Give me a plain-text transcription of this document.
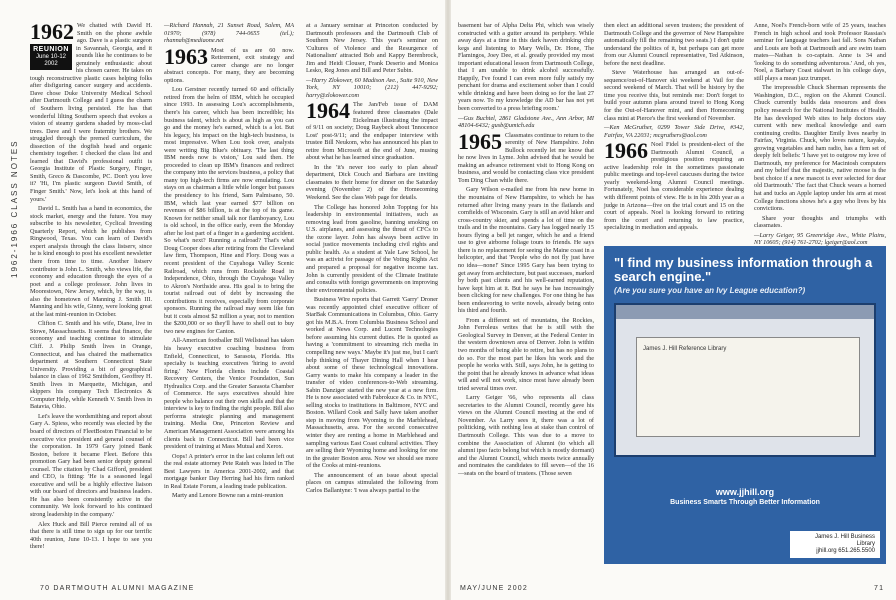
1962-1966 CLASS NOTES
1962
REUNION
June 10-12
2002

We chatted with David H. Smith on the phone awhile ago. Dave is a plastic surgeon in Savannah, Georgia, and it sounds like he continues to be genuinely enthusiastic about his chosen career. He takes on tough reconstructive plastic cases helping folks after disfiguring cancer surgery and accidents. Dave chose Duke University Medical School after Dartmouth College and I guess the charm of Southern living persisted. He has that wonderful lilting Southern speech that evokes a vision of steamy gardens shaded by moss-clad trees. Dave and I were fraternity brothers. We struggled through the premed curriculum, the dissection of the dogfish head and organic chemistry together. I checked the class list and learned that David's professional outfit is Georgia Institute of Plastic Surgery, Finger, Smith, Greco & Dascombe, PC. Don't you love it? 'Hi, I'm plastic surgeon David Smith, of Finger Smith.' Now, let's look at this hand of yours.'

David L. Smith has a hand in economics, the stock market, energy and the future. You may subscribe to his newsletter, Cyclical Investing Quarterly Report, which he publishes from Ringwood, Texas. You can learn of David's expert analysis through the class listserv, since he is kind enough to post his excellent newsletter there from time to time. Another listserv contributor is John L. Smith, who views life, the economy and education through the eyes of a poet and a college professor. John lives in Moorestown, New Jersey, which, by the way, is also the hometown of Manning J. Smith III. Manning and his wife, Ginny, were looking great at the last mini-reunion in October.

Clifton C. Smith and his wife, Diane, live in Stowe, Massachusetts. It seems that finance, the economy and teaching continue to stimulate Cliff. J. Philip Smith lives in Orange, Connecticut, and has chaired the mathematics department at Southern Connecticut State University. Providing a bit of geographical balance in class of 1962 Smithdom, Geoffrey H. Smith lives in Marquette, Michigan, and skippers his company Tech Electronics & Computer Help, while Kenneth V. Smith lives in Batavia, Ohio.

Let's leave the wordsmithing and report about Gary A. Spiess, who recently was elected by the board of directors of FleetBoston Financial to be executive vice president and general counsel of the corporation. In 1979 Gary joined Bank Boston, before it became Fleet. Before this promotion Gary had been senior deputy general counsel. The citation by Chad Gifford, president and CEO, is fitting: 'He is a seasoned legal executive and will be a highly effective liaison with our board of directors and business leaders. He has also been consistently active in the community. We look forward to his continued strong leadership in the company.'

Alex Huck and Bill Pierce remind all of us that there is still time to sign up for our terrific 40th reunion, June 10-13. I hope to see you there!

—Richard Hannah, 21 Sunset Road, Salem, MA 01970; (978) 744-0655 (tel.); rhannah@mediaone.net

1963 Most of us are 60 now. Retirement, exit strategy and career change are no longer abstract concepts. For many, they are becoming options.

Lou Gerstner recently turned 60 and officially retired from the helm of IBM, which he occupied since 1993. In assessing Lou's accomplishments, there's his career, which has been incredible; his business talent, which is about as high as you can go and the money he's earned, which is a lot. But his legacy, his impact on the high-tech business, is most impressive. When Lou took over, analysts were writing Big Blue's obituary. 'The last thing IBM needs now is vision,' Lou said then. He proceeded to clean up IBM's finances and redirect the company into the services business, a policy that many top high-tech firms are now emulating. Lou stays on as chairman a little while longer but passes the presidency to his friend, Sam Palmisano, 50. IBM, which last year earned $77 billion on revenues of $86 billion, is at the top of its game. Known for neither small talk nor flamboyancy, Lou is old school, in the office early, even the Monday after he lost part of a finger in a gardening accident. So what's next? Running a railroad? That's what Doug Cooper does after retiring from the Cleveland law firm, Thompson, Hine and Flory. Doug was a recent president of the Cuyahoga Valley Scenic Railroad, which runs from Rockside Road in Independence, Ohio, through the Cuyahoga Valley to Akron's Northside area. His goal is to bring the tourist railroad out of debt by increasing the contributions it receives, especially from corporate sponsors. Running the railroad may seem like fun but it costs almost $2 million a year, not to mention the $200,000 or so they'll have to shell out to buy two new engines for Canton.

All-American footballer Bill Wellstead has taken his heavy executive coaching business from Enfield, Connecticut, to Sarasota, Florida. His specialty is teaching executives 'hiring to avoid firing.' New Florida clients include Coastal Recovery Centers, the Venice Foundation, Sun Hydraulics Corp. and the Greater Sarasota Chamber of Commerce. He says executives should hire people who balance out their own skills and that the interview is key to finding the right people. Bill also performs strategic planning and management training. Media One, Princeton Review and American Management Association were among his clients back in Connecticut. Bill had been vice president of training at Mass Mutual and Xerox.

Oops! A printer's error in the last column left out the real estate attorney Pete Rateh was listed in The Best Lawyers in America 2001-2002, and that mortgage banker Day Herring had his firm ranked in Real Estate Forum, a leading trade publication.

Marty and Lenore Bowne ran a mini-reunion

at a January seminar at Princeton conducted by Dartmouth professors and the Dartmouth Club of Southern New Jersey. This year's seminar on 'Cultures of Violence and the Resurgence of Nationalism' attracted Bob and Kappy Berenbrock, Jim and Heidi Clouser, Frank Deserio and Monica Lesko, Reg Jones and Bill and Peter Subin.

—Harry Zlokower, 60 Madison Ave., Suite 910, New York, NY 10010; (212) 447-9292; harry@zlokower.com

1964 The Jan/Feb issue of DAM featured three classmates (Dale Eickelman illustrating the impact of 9/11 on society; Doug Raybeck about 'Innocence Lost' post-9/11; and the endpaper interview with trustee Bill Neukom, who has announced his plan to retire from Microsoft at the end of June, musing about what he has learned since graduation.

In the 'it's never too early to plan ahead' department, Dick Couch and Barbara are inviting classmates to their home for dinner on the Saturday evening (November 2) of the Homecoming Weekend. See the class Web page for details.

The College has honored John Topping for his leadership in environmental initiatives, such as removing lead from gasoline, banning smoking on U.S. airplanes, and assessing the threat of CFCs to the ozone layer. John has always been active in social justice movements including civil rights and public health. As a student at Yale Law School, he was an activist for passage of the Voting Rights Act and prepared a proposal for negative income tax. John is currently president of the Climate Institute and consults with foreign governments on improving their environmental policies.

Business Wire reports that Garrett 'Garry' Droner was recently appointed chief executive officer of StarBak Communications in Columbus, Ohio. Garry got his M.B.A. from Columbia Business School and worked at News Corp. and Lucent Technologies before assuming his current duties. He is quoted as having a 'commitment to streaming rich media in compelling new ways.' Maybe it's just me, but I can't help thinking of Thayer Dining Hall when I hear about some of these technological innovations. Garry wants to make his company a leader in the transfer of video conferences-to-Web streaming. Sabin Danziger started the new year at a new firm. He is now associated with Fabrokuce & Co. in NYC, selling stocks to institutions in Baltimore, NYC and Boston. Willard Cook and Sally have taken another step in moving from Wyoming to the Marblehead, Massachusetts, area. For the second consecutive winter they are renting a home in Marblehead and sampling various East Coast cultural activities. They are selling their Wyoming home and looking for one in the greater Boston area. Now we should see more of the Cooks at mini-reunions.

The announcement of an issue about special places on campus stimulated the following from Carlos Ballantyne: 'I was always partial to the

70 DARTMOUTH ALUMNI MAGAZINE

basement bar of Alpha Delta Phi, which was wisely constructed with a gutter around its periphery. While away days at a time in this dark haven drinking chip kegs and listening to Mary Wells, Dr. Hone, The Flamingos, Joey Dee, et al. greatly provided my most important educational lesson from Dartmouth College, that I am unable to drink alcohol successfully. Happily, I've found I can even more fully satisfy my penchant for drama and excitement sober than I could while drinking and have been doing so for the last 27 years now. To my knowledge the AD bar has not yet been converted to a press briefing room.'

—Gus Buchtel, 2861 Gladstone Ave., Ann Arbor, MI 48104-6432; gusb@umich.edu

1965 Classmates continue to return to the serenity of New Hampshire. John Bullock recently let me know that he now lives in Lyme. John advised that he would be making an advance retirement visit to Hong Kong on business, and would be contacting class vice president Tom Ding Chan while there.

Gary Wilson e-mailed me from his new home in the mountains of New Hampshire, to which he has returned after living many years in the flatlands and cornfields of Wisconsin. Gary is still an avid hiker and cross-country skier, and spends a lot of time on the trails and in the mountains. Gary has logged nearly 15 hours flying a bell jet ranger, which he and a friend use to give airborne foliage tours to friends. He says there is no replacement for seeing the Maine coast in a helicopter, and that 'People who do not fly just have no idea—none!' Since 1995 Gary has been trying to get away from architecture, but past successes, marked by both past clients and his well-earned reputation, have kept him at it. But he says he has increasingly been clicking for new challenges. For one thing he has been endeavoring to write novels, already being onto his third and fourth.

From a different set of mountains, the Rockies, John Ferroleus writes that he is still with the Geological Survey in Denver, at the Federal Center in the western downtown area of Denver. John is within two months of being able to retire, but has no plans to do so. For the most part he likes his work and the people he works with. Still, says John, he is getting to the point that he already knows in advance what ideas will and will not work, since most have already been tried several times over.

Larry Geiger '66, who represents all class secretaries to the Alumni Council, recently gave his views on the Alumni Council meeting at the end of November. As Larry sees it, there was a lot of politicking, with nothing less at stake than control of Dartmouth College. This was due to a move to combine the Association of Alumni (to which all alumni ipso facto belong but which is mostly dormant) and the Alumni Council, which meets twice annually and nominates the candidates to fill seven—of the 16—seats on the board of trustees. (Those seven

then elect an additional seven trustees; the president of Dartmouth College and the governor of New Hampshire automatically fill the remaining two seats.) I don't quite understand the politics of it, but perhaps can get more from our Alumni Council representative, Ted Atkinson, before the next deadline.

Steve Waterhouse has arranged an out-of-sequence/out-of-Hanover ski weekend at Vail for the second weekend of March. That will be history by the time you receive this, but reminds me: Don't forget to build your autumn plans around travel to Hong Kong for the Out-of-Hanover mini, and then Homecoming class mini at Pierce's the first weekend of November.

—Ken McGruther, 0299 Tower Side Drive, #342, Fairfax, VA 22031; mcgruthers@aol.com

1966 Noel Fidel is president-elect of the Dartmouth Alumni Council, a prestigious position requiring an active leadership role in the sometimes passionate public meetings and top-level caucuses during the twice yearly weekend-long Alumni Council meetings. Fortunately, Noel has considerable experience dealing with different points of view. He is in his 20th year as a judge in Arizona—five on the trial court and 15 on the court of appeals. Noel is looking forward to retiring from the court and returning to law practice, specializing in mediation and appeals.

Anne, Noel's French-born wife of 25 years, teaches French in high school and took Professor Rassias's seminar for language teachers last fall. Sons Nathan and Louis are both at Dartmouth and are swim team mates—Nathan is co-captain. Anne is 34 and 'looking to do something adventurous.' And, oh yes, Noel, a Barbary Coast stalwart in his college days, still plays a mean jazz trumpet.

The irrepressible Chuck Sherman represents the Washington, D.C., region on the Alumni Council. Chuck currently builds data resources and does policy research for the National Institutes of Health. He has developed Web sites to help doctors stay current with new medical knowledge and earn continuing credits. Daughter Emily lives nearby in Fairfax, Virginia. Chuck, who loves nature, kayaks, growing vegetables and ham radio, has a firm set of deeply felt beliefs: 'I have yet to outgrow my love of Dartmouth, my preference for Macintosh computers and my belief that the majestic, native moose is the best choice if a new mascot is ever selected for dear old Dartmouth.' The fact that Chuck wears a horned hat and tucks an Apple laptop under his arm at most College functions shows he's a guy who lives by his convictions.

Share your thoughts and triumphs with classmates.

—Larry Geiger, 95 Greenridge Ave., White Plains, NY 10605; (914) 761-2702; lgeiger@aol.com

"I find my business information through a search engine."
(Are you sure you have an Ivy League education?)
James J. Hill Reference Library
www.jjhill.org
Business Smarts Through Better Information
James J. Hill Business Library
jjhill.org 651.265.5500
MAY/JUNE 2002	71
